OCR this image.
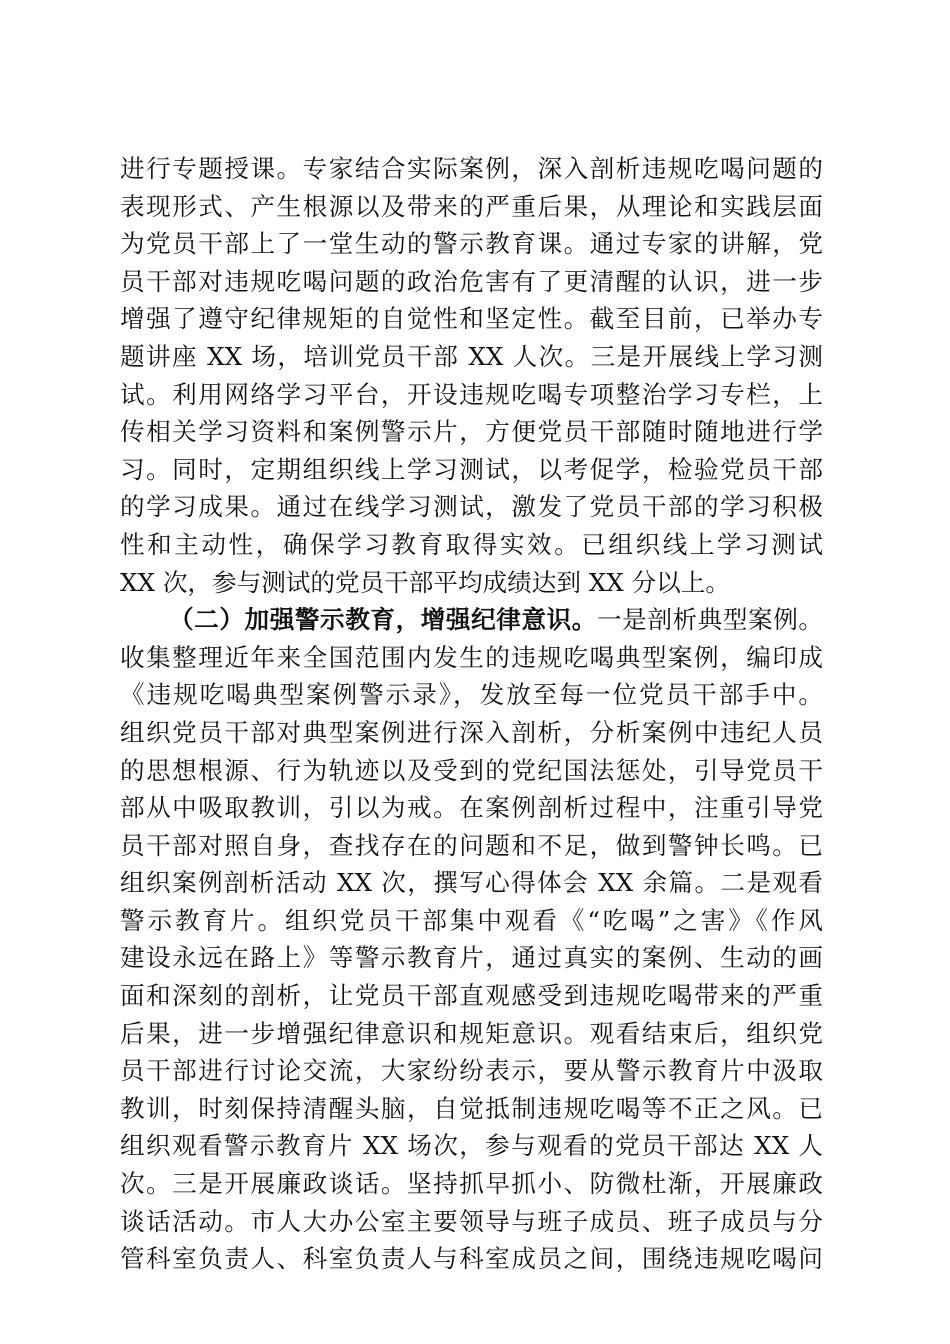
进行专题授课。专家结合实际案例，深入剖析违规吃喝问题的
表现形式、产生根源以及带来的严重后果，从理论和实践层面
为党员干部上了一堂生动的警示教育课。通过专家的讲解，党
员干部对违规吃喝问题的政治危害有了更清醒的认识，进一步
增强了遵守纪律规矩的自觉性和坚定性。截至目前，已举办专
题讲座 XX 场，培训党员干部 XX 人次。三是开展线上学习测
试。利用网络学习平台，开设违规吃喝专项整治学习专栏，上
传相关学习资料和案例警示片，方便党员干部随时随地进行学
习。同时，定期组织线上学习测试，以考促学，检验党员干部
的学习成果。通过在线学习测试，激发了党员干部的学习积极
性和主动性，确保学习教育取得实效。已组织线上学习测试
XX 次，参与测试的党员干部平均成绩达到 XX 分以上。
（二）加强警示教育，增强纪律意识。一是剖析典型案例。
收集整理近年来全国范围内发生的违规吃喝典型案例，编印成
《违规吃喝典型案例警示录》，发放至每一位党员干部手中。
组织党员干部对典型案例进行深入剖析，分析案例中违纪人员
的思想根源、行为轨迹以及受到的党纪国法惩处，引导党员干
部从中吸取教训，引以为戒。在案例剖析过程中，注重引导党
员干部对照自身，查找存在的问题和不足，做到警钟长鸣。已
组织案例剖析活动 XX 次，撰写心得体会 XX 余篇。二是观看
警示教育片。组织党员干部集中观看《“吃喝”之害》《作风
建设永远在路上》等警示教育片，通过真实的案例、生动的画
面和深刻的剖析，让党员干部直观感受到违规吃喝带来的严重
后果，进一步增强纪律意识和规矩意识。观看结束后，组织党
员干部进行讨论交流，大家纷纷表示，要从警示教育片中汲取
教训，时刻保持清醒头脑，自觉抵制违规吃喝等不正之风。已
组织观看警示教育片 XX 场次，参与观看的党员干部达 XX 人
次。三是开展廉政谈话。坚持抓早抓小、防微杜渐，开展廉政
谈话活动。市人大办公室主要领导与班子成员、班子成员与分
管科室负责人、科室负责人与科室成员之间，围绕违规吃喝问
